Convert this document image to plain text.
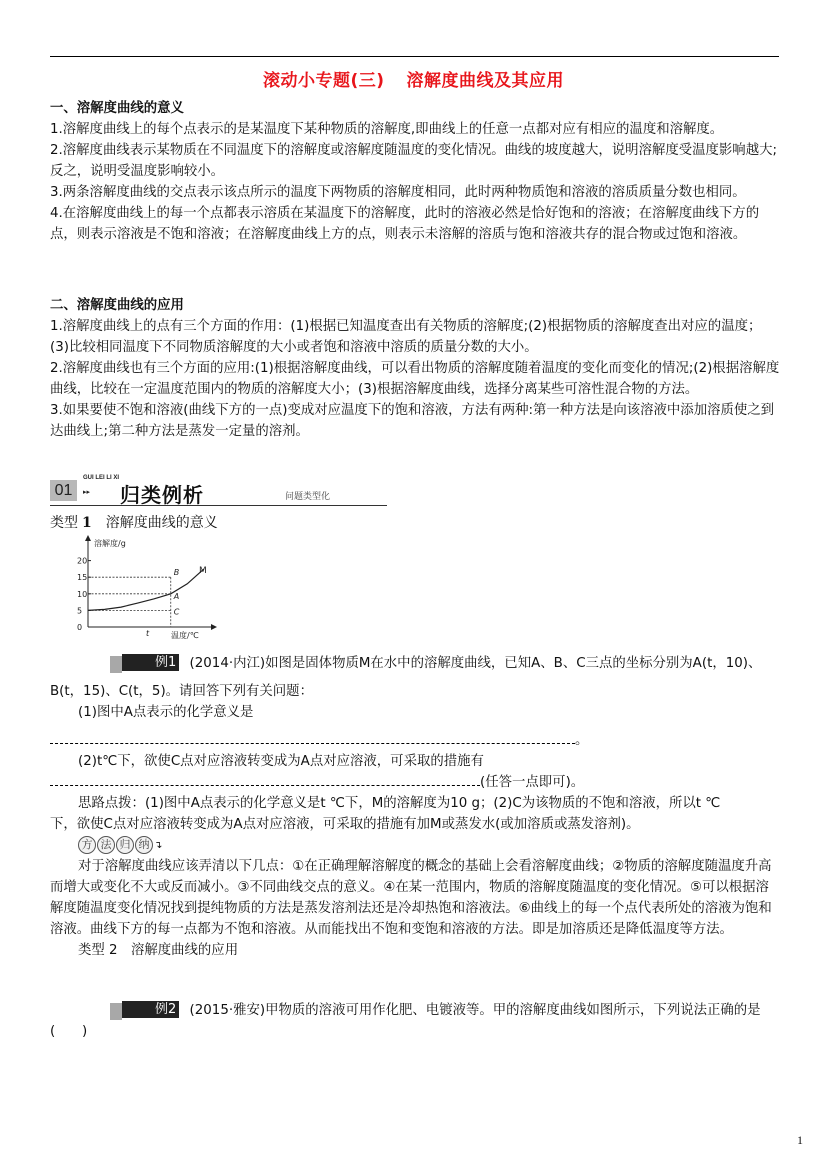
滚动小专题(三) 溶解度曲线及其应用

一、溶解度曲线的意义

1.溶解度曲线上的每个点表示的是某温度下某种物质的溶解度,即曲线上的任意一点都对应有相应的温度和溶解度。

2.溶解度曲线表示某物质在不同温度下的溶解度或溶解度随温度的变化情况。曲线的坡度越大，说明溶解度受温度影响越大;反之，说明受温度影响较小。

3.两条溶解度曲线的交点表示该点所示的温度下两物质的溶解度相同，此时两种物质饱和溶液的溶质质量分数也相同。

4.在溶解度曲线上的每一个点都表示溶质在某温度下的溶解度，此时的溶液必然是恰好饱和的溶液；在溶解度曲线下方的点，则表示溶液是不饱和溶液；在溶解度曲线上方的点，则表示未溶解的溶质与饱和溶液共存的混合物或过饱和溶液。

二、溶解度曲线的应用

1.溶解度曲线上的点有三个方面的作用：(1)根据已知温度查出有关物质的溶解度;(2)根据物质的溶解度查出对应的温度；(3)比较相同温度下不同物质溶解度的大小或者饱和溶液中溶质的质量分数的大小。

2.溶解度曲线也有三个方面的应用:(1)根据溶解度曲线，可以看出物质的溶解度随着温度的变化而变化的情况;(2)根据溶解度曲线，比较在一定温度范围内的物质的溶解度大小；(3)根据溶解度曲线，选择分离某些可溶性混合物的方法。

3.如果要使不饱和溶液(曲线下方的一点)变成对应温度下的饱和溶液，方法有两种:第一种方法是向该溶液中添加溶质使之到达曲线上;第二种方法是蒸发一定量的溶剂。

01
GUI LEI LI XI
▸▸ 归类例析	问题类型化
类型 1 溶解度曲线的意义
溶解度/g
温度/℃
0
5
10
15
20
M
A
B
C
t

例1 (2014·内江)如图是固体物质M在水中的溶解度曲线，已知A、B、C三点的坐标分别为A(t，10)、

B(t，15)、C(t，5)。请回答下列有关问题：

(1)图中A点表示的化学意义是

。

(2)t℃下，欲使C点对应溶液转变成为A点对应溶液，可采取的措施有

(任答一点即可)。

思路点拨：(1)图中A点表示的化学意义是t ℃下，M的溶解度为10 g；(2)C为该物质的不饱和溶液，所以t ℃

下，欲使C点对应溶液转变成为A点对应溶液，可采取的措施有加M或蒸发水(或加溶质或蒸发溶剂)。

方 法 归 纳 ↴

对于溶解度曲线应该弄清以下几点：①在正确理解溶解度的概念的基础上会看溶解度曲线；②物质的溶解度随温度升高而增大或变化不大或反而减小。③不同曲线交点的意义。④在某一范围内，物质的溶解度随温度的变化情况。⑤可以根据溶解度随温度变化情况找到提纯物质的方法是蒸发溶剂法还是冷却热饱和溶液法。⑥曲线上的每一个点代表所处的溶液为饱和溶液。曲线下方的每一点都为不饱和溶液。从而能找出不饱和变饱和溶液的方法。即是加溶质还是降低温度等方法。

类型 2　 溶解度曲线的应用

例2 (2015·雅安)甲物质的溶液可用作化肥、电镀液等。甲的溶解度曲线如图所示，下列说法正确的是(　　)

1
